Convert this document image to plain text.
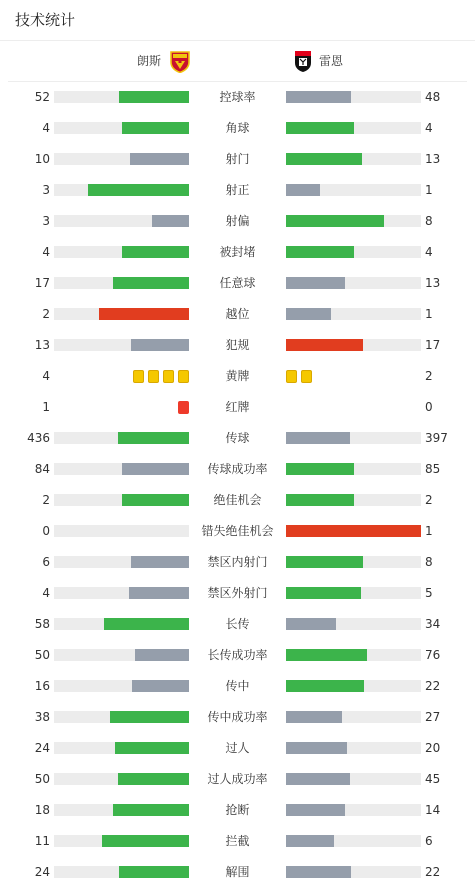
技术统计
朗斯	雷恩
52	控球率	48
4	角球	4
10	射门	13
3	射正	1
3	射偏	8
4	被封堵	4
17	任意球	13
2	越位	1
13	犯规	17
4	黄牌	2
1	红牌	0
436	传球	397
84	传球成功率	85
2	绝佳机会	2
0	错失绝佳机会	1
6	禁区内射门	8
4	禁区外射门	5
58	长传	34
50	长传成功率	76
16	传中	22
38	传中成功率	27
24	过人	20
50	过人成功率	45
18	抢断	14
11	拦截	6
24	解围	22
